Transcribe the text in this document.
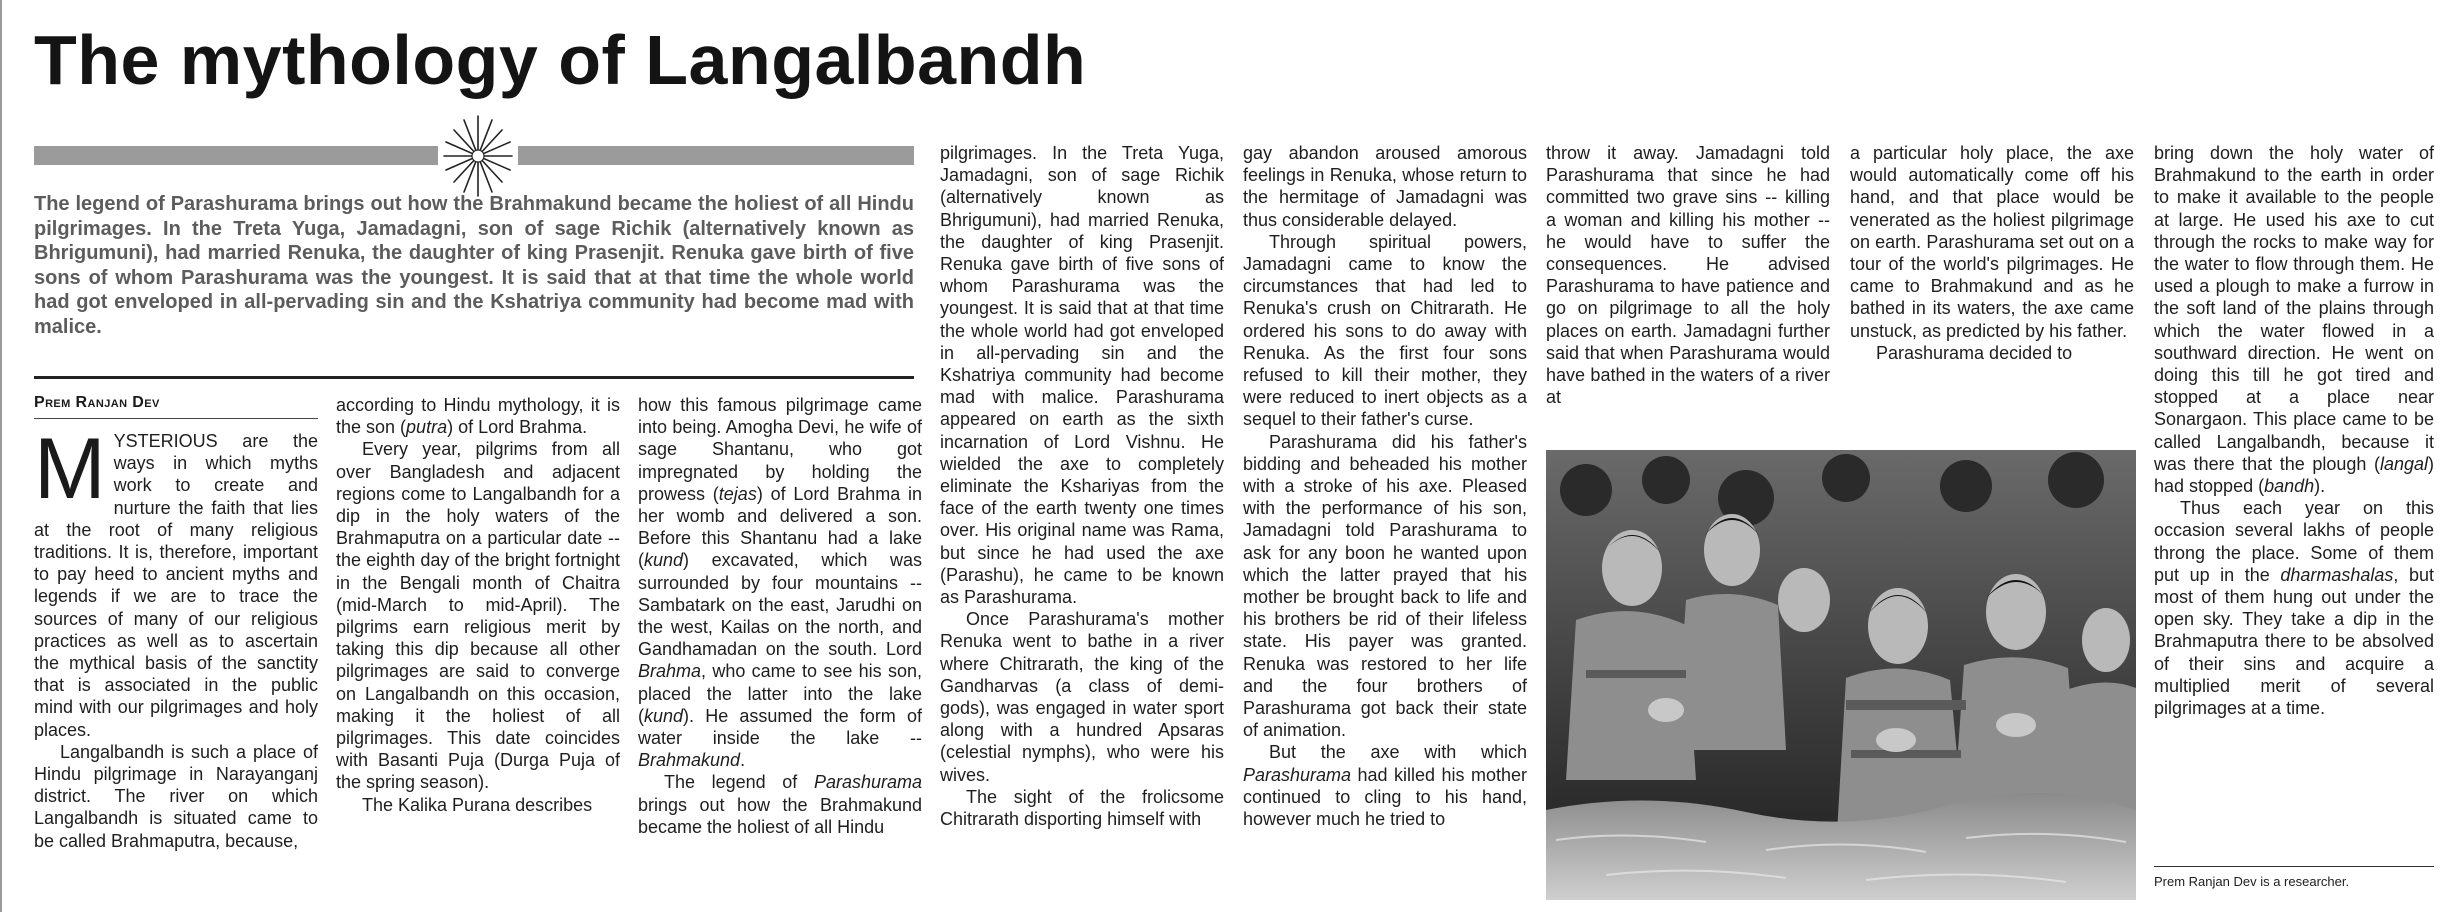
The mythology of Langalbandh

The legend of Parashurama brings out how the Brahmakund became the holiest of all Hindu pilgrimages. In the Treta Yuga, Jamadagni, son of sage Richik (alternatively known as Bhrigumuni), had married Renuka, the daughter of king Prasenjit. Renuka gave birth of five sons of whom Parashurama was the youngest. It is said that at that time the whole world had got enveloped in all-pervading sin and the Kshatriya community had become mad with malice.

Prem Ranjan Dev

MYSTERIOUS are the ways in which myths work to create and nurture the faith that lies at the root of many religious traditions. It is, therefore, important to pay heed to ancient myths and legends if we are to trace the sources of many of our religious practices as well as to ascertain the mythical basis of the sanctity that is associated in the public mind with our pilgrimages and holy places.

Langalbandh is such a place of Hindu pilgrimage in Narayanganj district. The river on which Langalbandh is situated came to be called Brahmaputra, because,

according to Hindu mythology, it is the son (putra) of Lord Brahma.

Every year, pilgrims from all over Bangladesh and adjacent regions come to Langalbandh for a dip in the holy waters of the Brahmaputra on a particular date -- the eighth day of the bright fortnight in the Bengali month of Chaitra (mid-March to mid-April). The pilgrims earn religious merit by taking this dip because all other pilgrimages are said to converge on Langalbandh on this occasion, making it the holiest of all pilgrimages. This date coincides with Basanti Puja (Durga Puja of the spring season).

The Kalika Purana describes

how this famous pilgrimage came into being. Amogha Devi, he wife of sage Shantanu, who got impregnated by holding the prowess (tejas) of Lord Brahma in her womb and delivered a son. Before this Shantanu had a lake (kund) excavated, which was surrounded by four mountains -- Sambatark on the east, Jarudhi on the west, Kailas on the north, and Gandhamadan on the south. Lord Brahma, who came to see his son, placed the latter into the lake (kund). He assumed the form of water inside the lake -- Brahmakund.

The legend of Parashurama brings out how the Brahmakund became the holiest of all Hindu

pilgrimages. In the Treta Yuga, Jamadagni, son of sage Richik (alternatively known as Bhrigumuni), had married Renuka, the daughter of king Prasenjit. Renuka gave birth of five sons of whom Parashurama was the youngest. It is said that at that time the whole world had got enveloped in all-pervading sin and the Kshatriya community had become mad with malice. Parashurama appeared on earth as the sixth incarnation of Lord Vishnu. He wielded the axe to completely eliminate the Kshariyas from the face of the earth twenty one times over. His original name was Rama, but since he had used the axe (Parashu), he came to be known as Parashurama.

Once Parashurama's mother Renuka went to bathe in a river where Chitrarath, the king of the Gandharvas (a class of demi-gods), was engaged in water sport along with a hundred Apsaras (celestial nymphs), who were his wives.

The sight of the frolicsome Chitrarath disporting himself with

gay abandon aroused amorous feelings in Renuka, whose return to the hermitage of Jamadagni was thus considerable delayed.

Through spiritual powers, Jamadagni came to know the circumstances that had led to Renuka's crush on Chitrarath. He ordered his sons to do away with Renuka. As the first four sons refused to kill their mother, they were reduced to inert objects as a sequel to their father's curse.

Parashurama did his father's bidding and beheaded his mother with a stroke of his axe. Pleased with the performance of his son, Jamadagni told Parashurama to ask for any boon he wanted upon which the latter prayed that his mother be brought back to life and his brothers be rid of their lifeless state. His payer was granted. Renuka was restored to her life and the four brothers of Parashurama got back their state of animation.

But the axe with which Parashurama had killed his mother continued to cling to his hand, however much he tried to

throw it away. Jamadagni told Parashurama that since he had committed two grave sins -- killing a woman and killing his mother -- he would have to suffer the consequences. He advised Parashurama to have patience and go on pilgrimage to all the holy places on earth. Jamadagni further said that when Parashurama would have bathed in the waters of a river at

a particular holy place, the axe would automatically come off his hand, and that place would be venerated as the holiest pilgrimage on earth. Parashurama set out on a tour of the world's pilgrimages. He came to Brahmakund and as he bathed in its waters, the axe came unstuck, as predicted by his father.

Parashurama decided to

bring down the holy water of Brahmakund to the earth in order to make it available to the people at large. He used his axe to cut through the rocks to make way for the water to flow through them. He used a plough to make a furrow in the soft land of the plains through which the water flowed in a southward direction. He went on doing this till he got tired and stopped at a place near Sonargaon. This place came to be called Langalbandh, because it was there that the plough (langal) had stopped (bandh).

Thus each year on this occasion several lakhs of people throng the place. Some of them put up in the dharmashalas, but most of them hung out under the open sky. They take a dip in the Brahmaputra there to be absolved of their sins and acquire a multiplied merit of several pilgrimages at a time.

Prem Ranjan Dev is a researcher.
